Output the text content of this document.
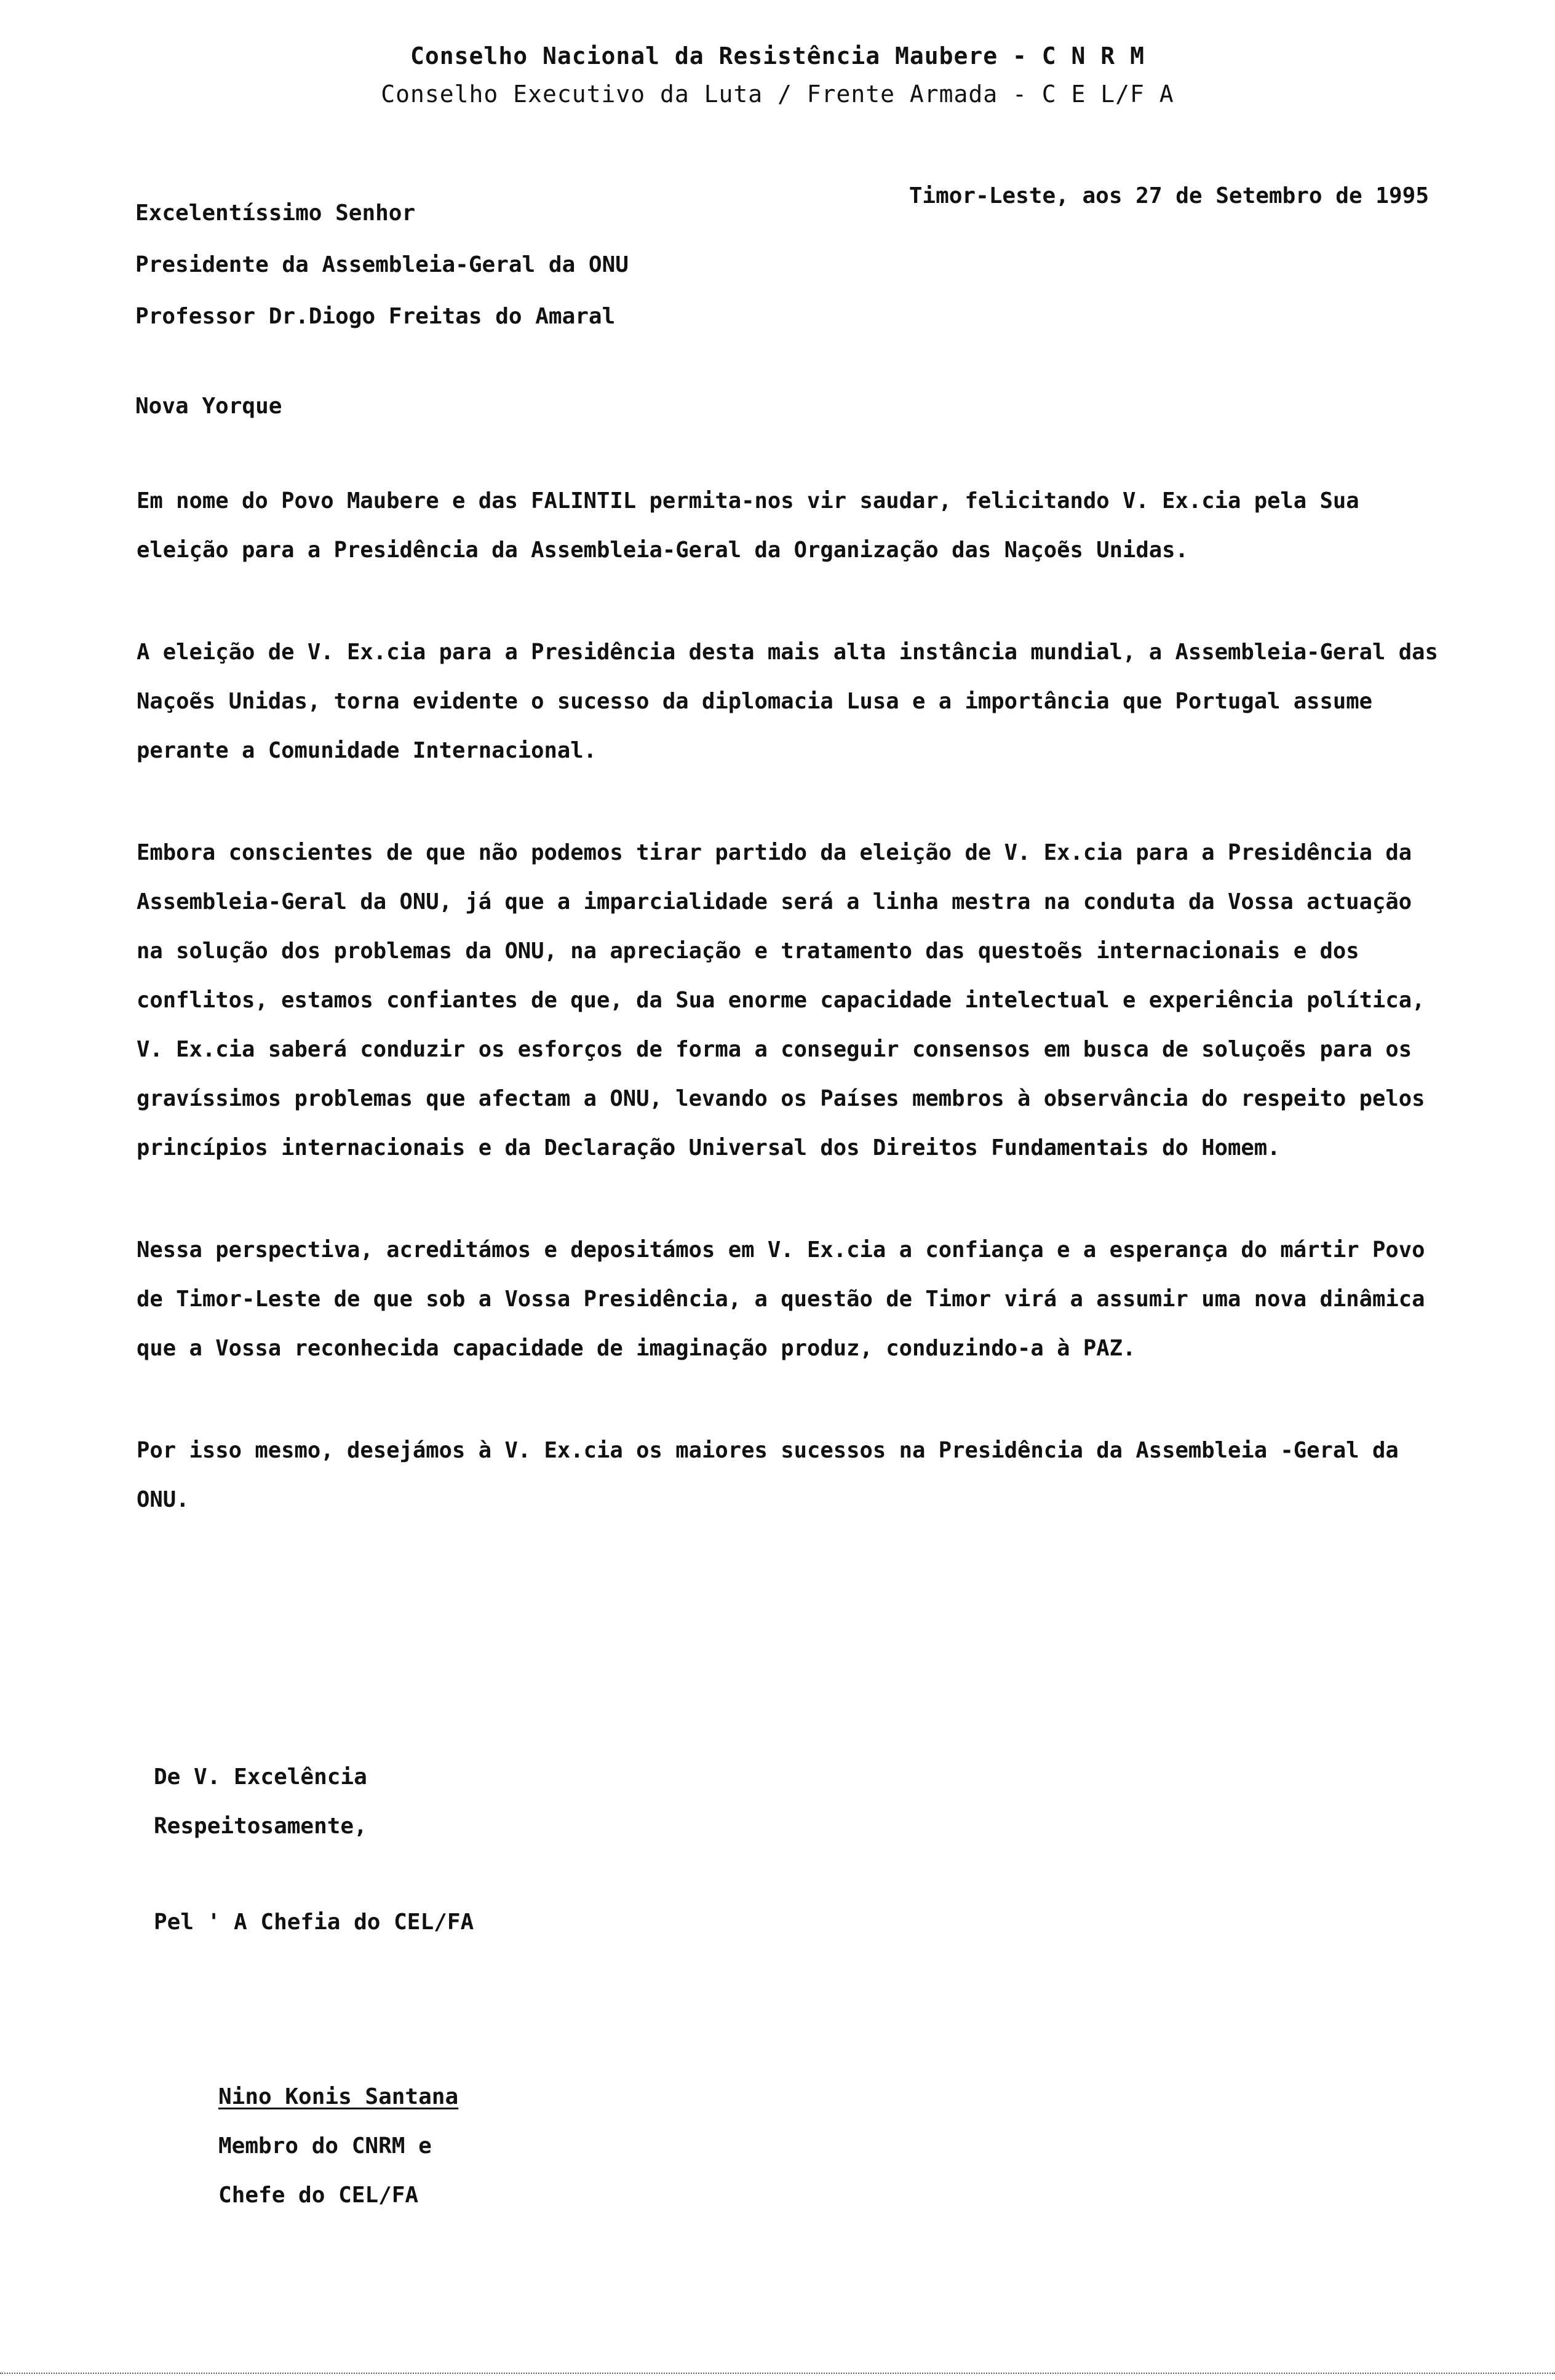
Conselho Nacional da Resistência Maubere - C N R M
Conselho Executivo da Luta / Frente Armada - C E L/F A
Excelentíssimo Senhor
Presidente da Assembleia-Geral da ONU
Professor Dr.Diogo Freitas do Amaral
Timor-Leste, aos 27 de Setembro de 1995
Nova Yorque

Em nome do Povo Maubere e das FALINTIL permita-nos vir saudar, felicitando V. Ex.cia pela Sua eleição para a Presidência da Assembleia-Geral da Organização das Naçoẽs Unidas.

A eleição de V. Ex.cia para a Presidência desta mais alta instância mundial, a Assembleia-Geral das Naçoẽs Unidas, torna evidente o sucesso da diplomacia Lusa e a importância que Portugal assume perante a Comunidade Internacional.

Embora conscientes de que não podemos tirar partido da eleição de V. Ex.cia para a Presidência da Assembleia-Geral da ONU, já que a imparcialidade será a linha mestra na conduta da Vossa actuação na solução dos problemas da ONU, na apreciação e tratamento das questoẽs internacionais e dos conflitos, estamos confiantes de que, da Sua enorme capacidade intelectual e experiência política, V. Ex.cia saberá conduzir os esforços de forma a conseguir consensos em busca de soluçoẽs para os gravíssimos problemas que afectam a ONU, levando os Países membros à observância do respeito pelos princípios internacionais e da Declaração Universal dos Direitos Fundamentais do Homem.

Nessa perspectiva, acreditámos e depositámos em V. Ex.cia a confiança e a esperança do mártir Povo de Timor-Leste de que sob a Vossa Presidência, a questão de Timor virá a assumir uma nova dinâmica que a Vossa reconhecida capacidade de imaginação produz, conduzindo-a à PAZ.

Por isso mesmo, desejámos à V. Ex.cia os maiores sucessos na Presidência da Assembleia -Geral da ONU.

De V. Excelência
Respeitosamente,
Pel ' A Chefia do CEL/FA
Nino Konis Santana
Membro do CNRM e
Chefe do CEL/FA
